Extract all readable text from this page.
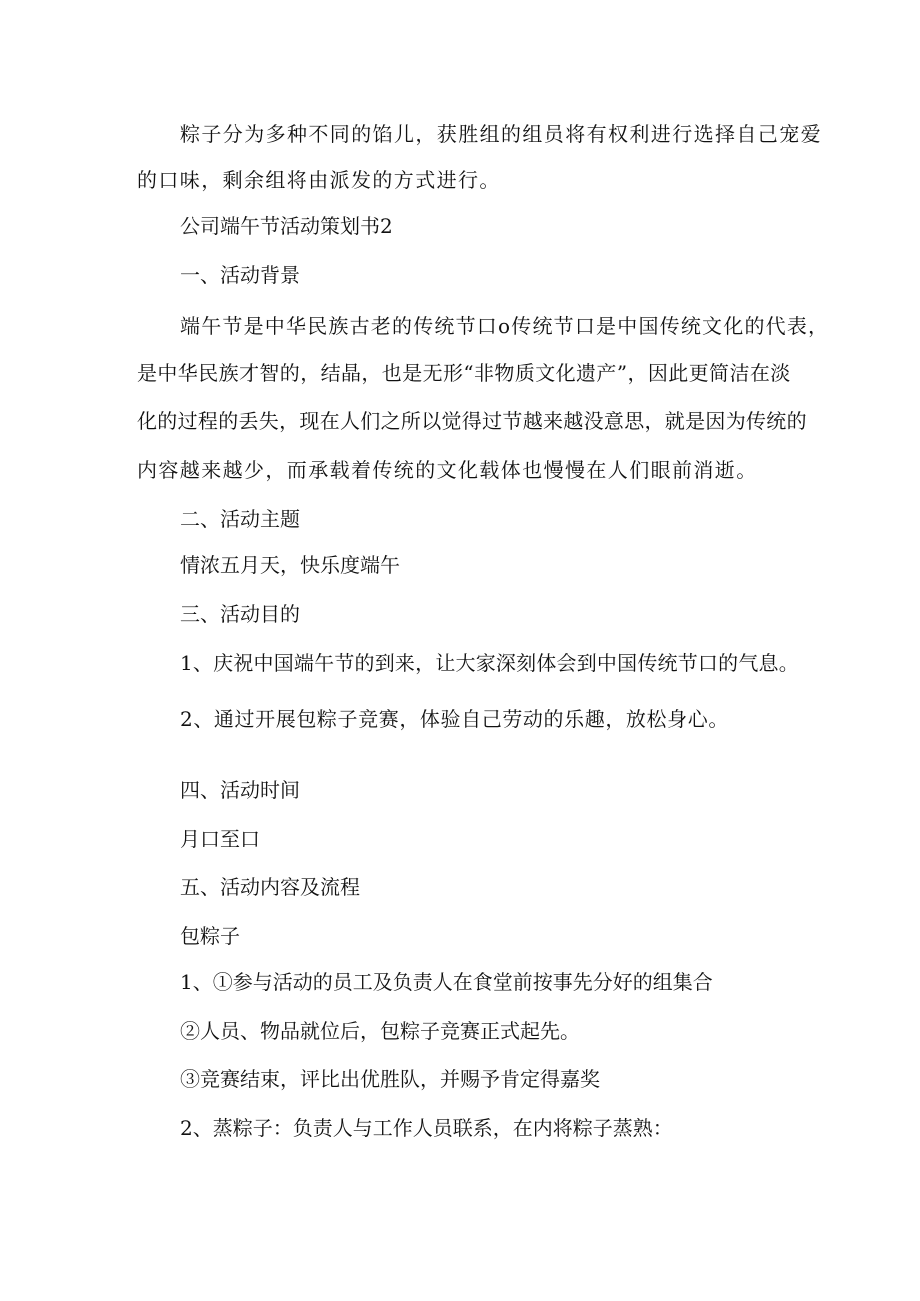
粽子分为多种不同的馅儿，获胜组的组员将有权利进行选择自己宠爱

的口味，剩余组将由派发的方式进行。

公司端午节活动策划书2

一、活动背景

端午节是中华民族古老的传统节口o传统节口是中国传统文化的代表，

是中华民族才智的，结晶，也是无形“非物质文化遗产”，因此更简洁在淡

化的过程的丢失，现在人们之所以觉得过节越来越没意思，就是因为传统的

内容越来越少，而承载着传统的文化载体也慢慢在人们眼前消逝。

二、活动主题

情浓五月天，快乐度端午

三、活动目的

1、庆祝中国端午节的到来，让大家深刻体会到中国传统节口的气息。

2、通过开展包粽子竞赛，体验自己劳动的乐趣，放松身心。

四、活动时间

月口至口

五、活动内容及流程

包粽子

1、①参与活动的员工及负责人在食堂前按事先分好的组集合

②人员、物品就位后，包粽子竞赛正式起先。

③竞赛结束，评比出优胜队，并赐予肯定得嘉奖

2、蒸粽子：负责人与工作人员联系，在内将粽子蒸熟：
